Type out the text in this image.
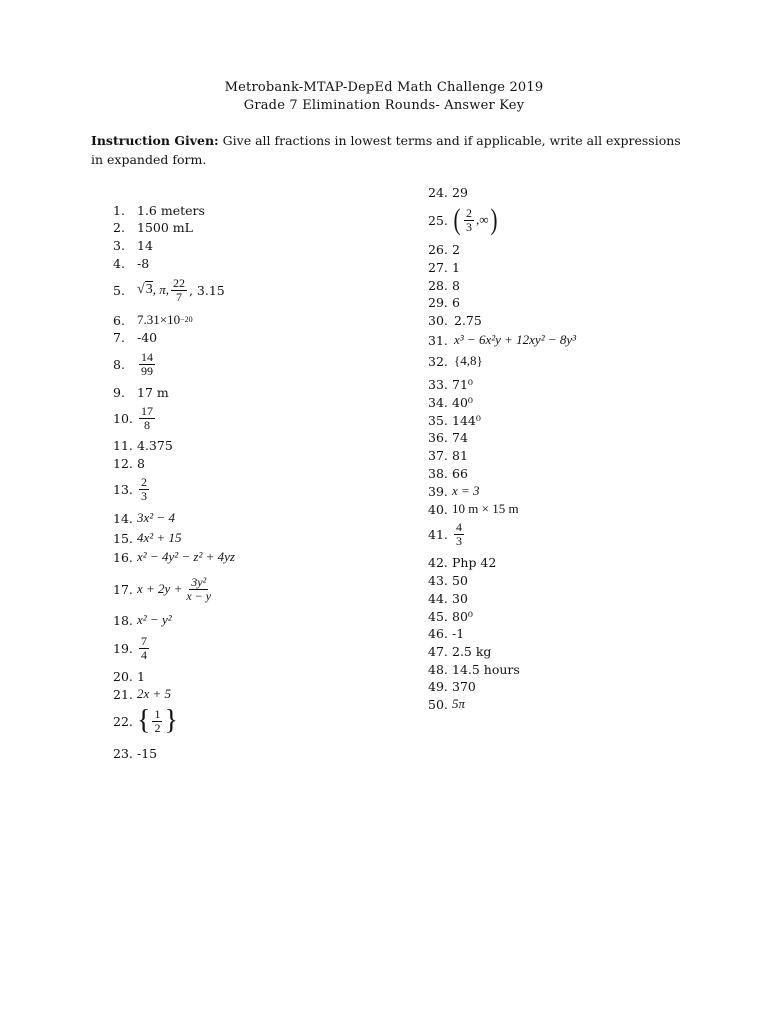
Metrobank-MTAP-DepEd Math Challenge 2019
Grade 7 Elimination Rounds- Answer Key
Instruction Given: Give all fractions in lowest terms and if applicable, write all expressions in expanded form.
1. 1.6 meters
2. 1500 mL
3. 14
4. -8
5. √3 , π, $\frac{22}{7}$ , 3.15
6. 7.31×10 −20
7. -40
8.	$\frac{14}{99}$
9. 17 m
10. $\frac{17}{8}$
11. 4.375
12. 8
13. $\frac{2}{3}$
14. 3x² − 4
15. 4x² + 15
16. x² − 4y² − z² + 4yz
17. $x + 2y + \frac{\text{3y²}}{x - y}$
18. x² − y²
19. $\frac{7}{4}$
20. 1
21. 2x + 5
22. { $\frac{1}{2}$ }
23. -15
24. 29
25. ( $\frac{2}{3}$ ,∞ )
26. 2
27. 1
28. 8
29. 6
30. 2.75
31. x³ − 6x²y + 12xy² − 8y³
32. {4,8}
33. 71⁰
34. 40⁰
35. 144⁰
36. 74
37. 81
38. 66
39. x = 3
40. 10 m × 15 m
41. $\frac{4}{3}$
42. Php 42
43. 50
44. 30
45. 80⁰
46. -1
47. 2.5 kg
48. 14.5 hours
49. 370
50. 5π
